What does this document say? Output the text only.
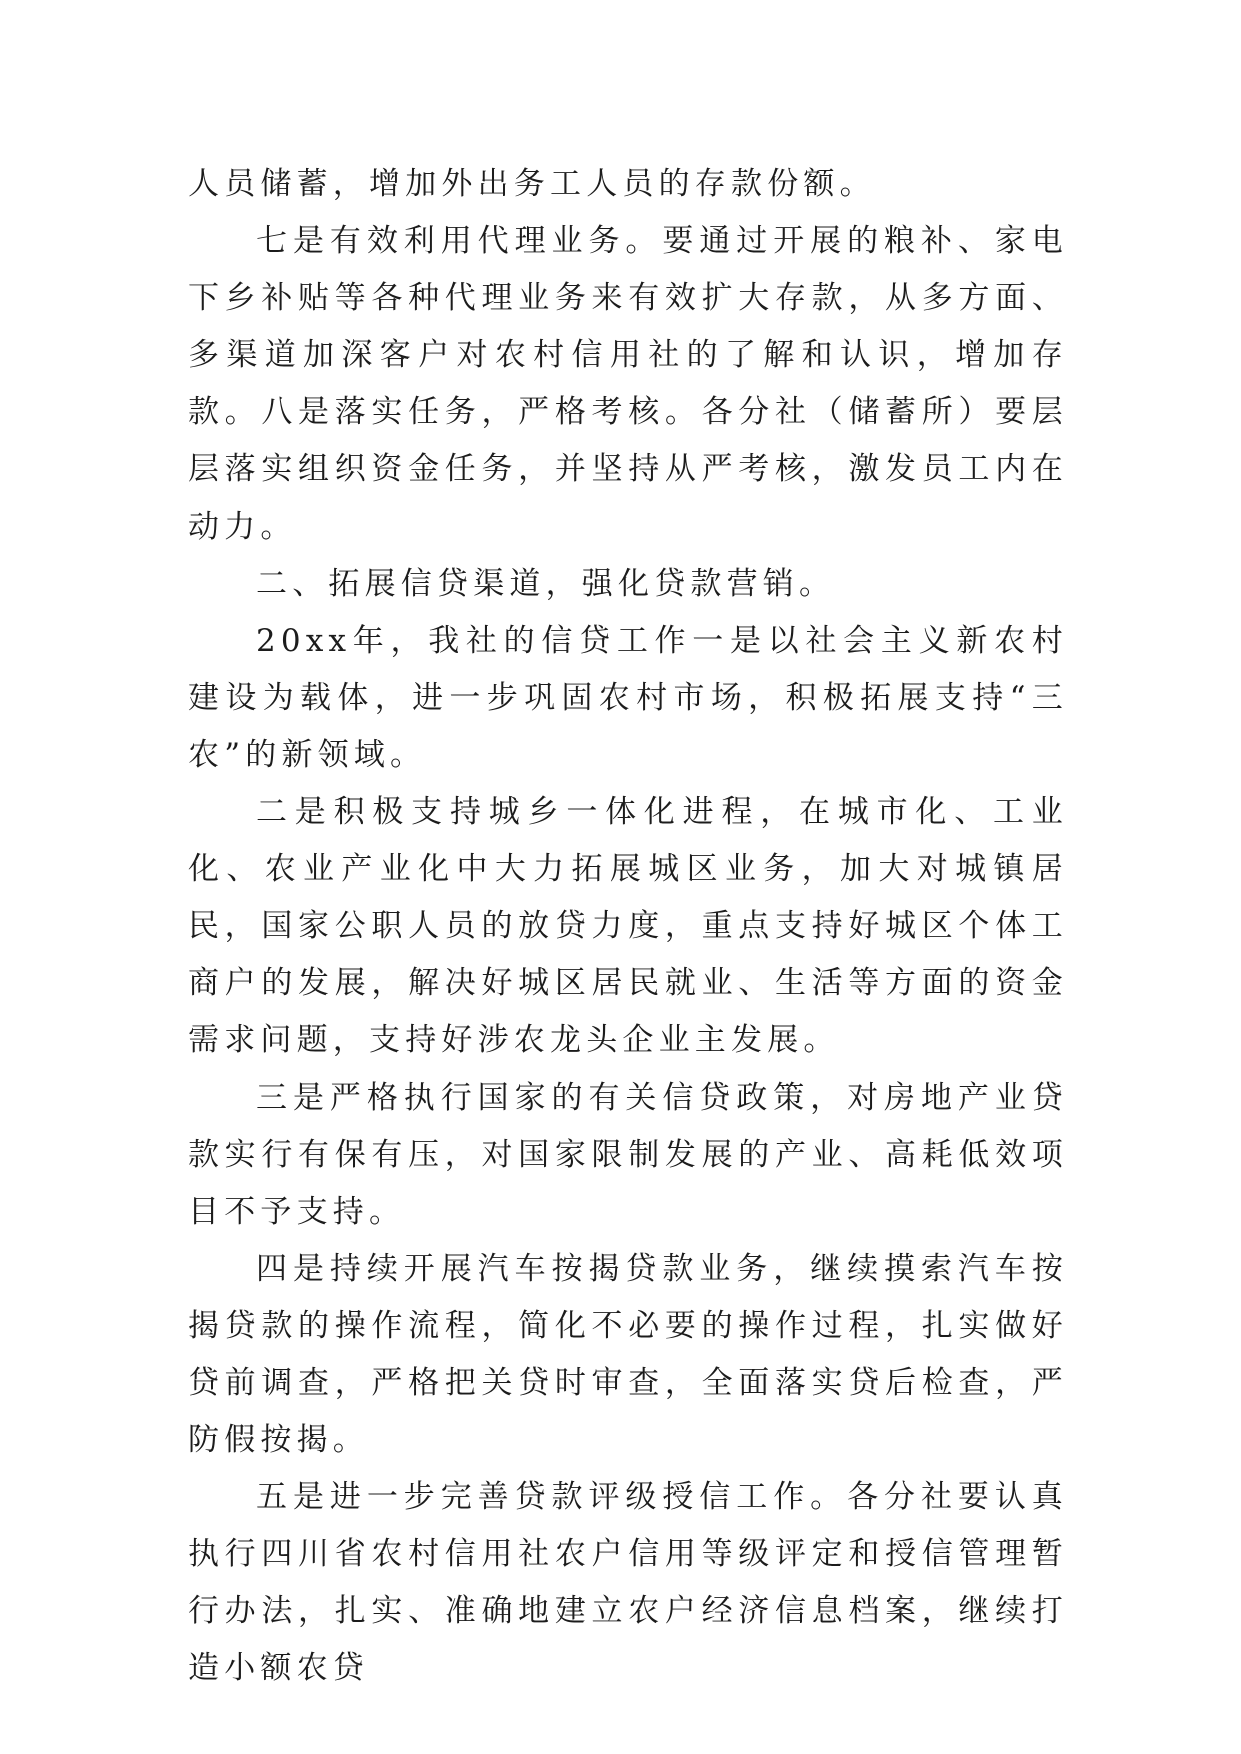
人员储蓄，增加外出务工人员的存款份额。

七是有效利用代理业务。要通过开展的粮补、家电下乡补贴等各种代理业务来有效扩大存款，从多方面、多渠道加深客户对农村信用社的了解和认识，增加存款。八是落实任务，严格考核。各分社（储蓄所）要层层落实组织资金任务，并坚持从严考核，激发员工内在动力。

二、拓展信贷渠道，强化贷款营销。

20xx年，我社的信贷工作一是以社会主义新农村建设为载体，进一步巩固农村市场，积极拓展支持“三农”的新领域。

二是积极支持城乡一体化进程，在城市化、工业化、农业产业化中大力拓展城区业务，加大对城镇居民，国家公职人员的放贷力度，重点支持好城区个体工商户的发展，解决好城区居民就业、生活等方面的资金需求问题，支持好涉农龙头企业主发展。

三是严格执行国家的有关信贷政策，对房地产业贷款实行有保有压，对国家限制发展的产业、高耗低效项目不予支持。

四是持续开展汽车按揭贷款业务，继续摸索汽车按揭贷款的操作流程，简化不必要的操作过程，扎实做好贷前调查，严格把关贷时审查，全面落实贷后检查，严防假按揭。

五是进一步完善贷款评级授信工作。各分社要认真执行四川省农村信用社农户信用等级评定和授信管理暂行办法，扎实、准确地建立农户经济信息档案，继续打造小额农贷
